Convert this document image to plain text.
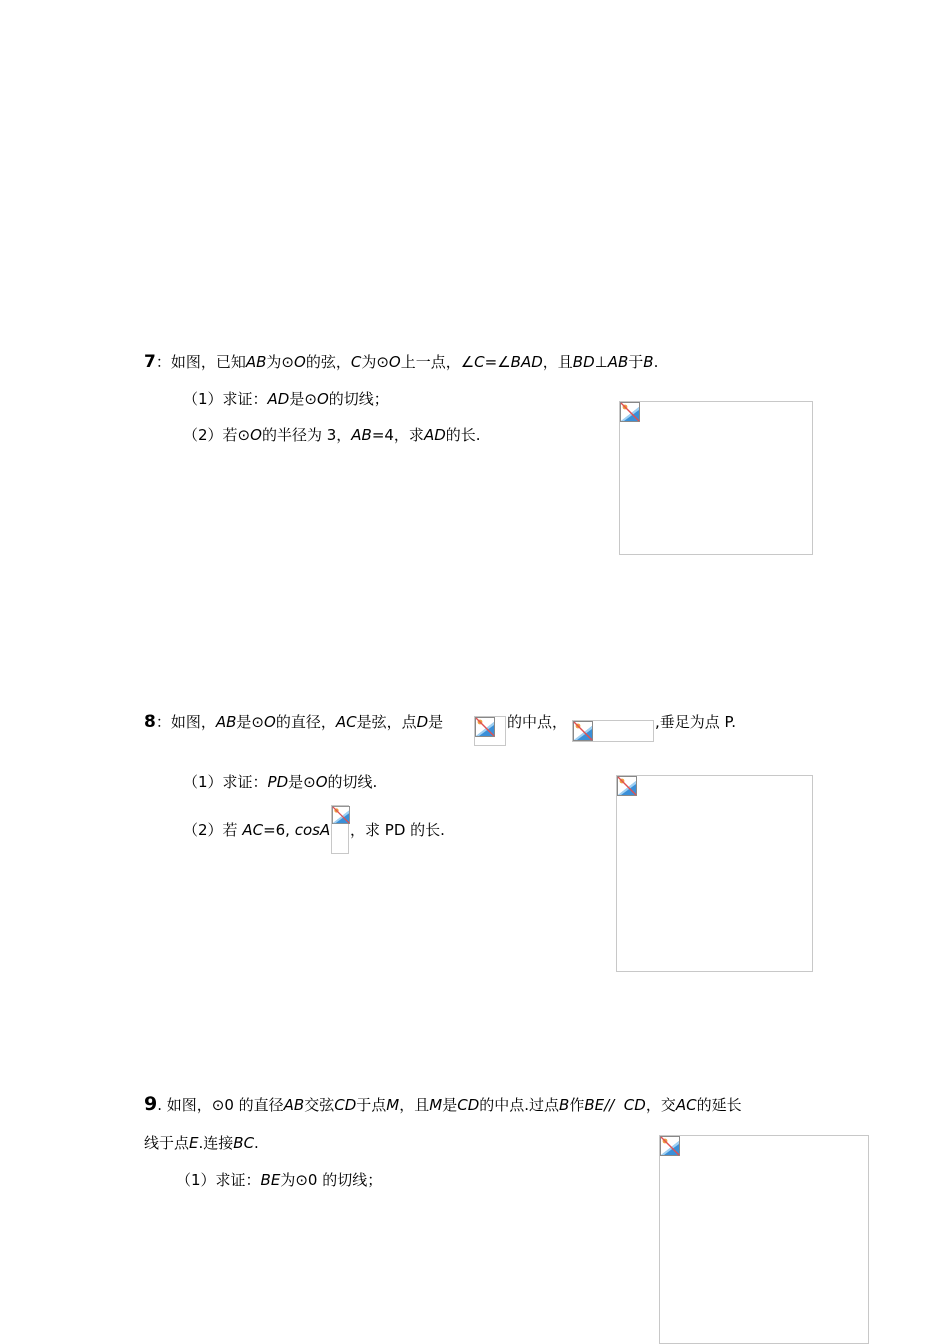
7：如图，已知AB为⊙O的弦，C为⊙O上一点，∠C=∠BAD，且BD⊥AB于B.
（1）求证：AD是⊙O的切线；
（2）若⊙O的半径为 3，AB=4，求AD的长.
8：如图，AB是⊙O的直径，AC是弦，点D是	的中点，	,垂足为点 P.
（1）求证：PD是⊙O的切线.
（2）若 AC=6, cosA	，求 PD 的长.
9. 如图，⊙0 的直径AB交弦CD于点M，且M是CD的中点.过点B作BE//  CD，交AC的延长
线于点E.连接BC.
（1）求证：BE为⊙0 的切线；
